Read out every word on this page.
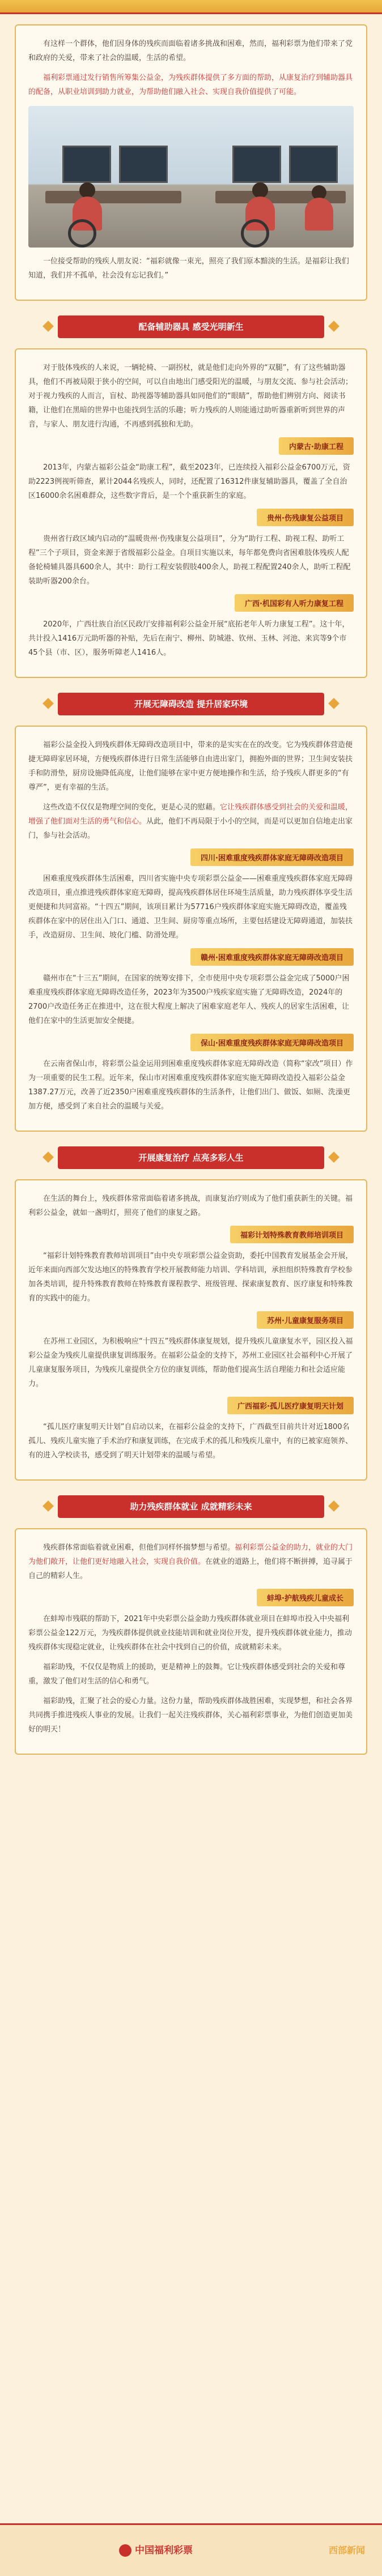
有这样一个群体，他们因身体的残疾而面临着诸多挑战和困难，然而，福利彩票为他们带来了党和政府的关爱，带来了社会的温暖，生活的希望。

福利彩票通过发行销售所筹集公益金，为残疾群体提供了多方面的帮助，从康复治疗到辅助器具的配备，从职业培训到助力就业，为帮助他们融入社会、实现自我价值提供了可能。

一位接受帮助的残疾人朋友说：“福彩就像一束光，照亮了我们原本黯淡的生活。是福彩让我们知道，我们并不孤单，社会没有忘记我们。”

配备辅助器具 感受光明新生

对于肢体残疾的人来说，一辆轮椅、一副拐杖，就是他们走向外界的“双腿”，有了这些辅助器具，他们不再被局限于狭小的空间，可以自由地出门感受阳光的温暖，与朋友交流、参与社会活动；对于视力残疾的人而言，盲杖、助视器等辅助器具如同他们的“眼睛”，帮助他们辨别方向、阅读书籍，让他们在黑暗的世界中也能找到生活的乐趣；听力残疾的人则能通过助听器重新听到世界的声音，与家人、朋友进行沟通，不再感到孤独和无助。

内蒙古·助康工程

2013年，内蒙古福彩公益金“助康工程”，截至2023年，已连续投入福彩公益金6700万元，资助2223例视听筛查，累计2044名残疾人，同时，还配置了16312件康复辅助器具，覆盖了全自治区16000余名困难群众，这些数字背后，是一个个重获新生的家庭。

贵州·伤残康复公益项目

贵州省行政区域内启动的“温暖贵州·伤残康复公益项目”，分为“助行工程、助视工程、助听工程”三个子项目，资金来源于省级福彩公益金。自项目实施以来，每年都免费向省困难肢体残疾人配备轮椅辅具器具600余人，其中：助行工程安装假肢400余人，助视工程配置240余人，助听工程配装助听器200余台。

广西·机国彩有人听力康复工程

2020年，广西壮族自治区民政厅安排福利彩公益金开展“底拓老年人听力康复工程”。这十年，共计投入1416万元助听器的补贴，先后在南宁、柳州、防城港、钦州、玉林、河池、来宾等9个市45个县（市、区），服务听障老人1416人。

开展无障碍改造 提升居家环境

福彩公益金投入到残疾群体无障碍改造项目中，带来的是实实在在的改变。它为残疾群体营造便捷无障碍家居环境，方便残疾群体进行日常生活能够自由进出家门，拥抱外面的世界；卫生间安装扶手和防滑垫，厨房设施降低高度，让他们能够在家中更方便地操作和生活，给予残疾人群更多的“有尊严”，更有幸福的生活。

这些改造不仅仅是物理空间的变化，更是心灵的慰藉。它让残疾群体感受到社会的关爱和温暖，增强了他们面对生活的勇气和信心。从此，他们不再局限于小小的空间，而是可以更加自信地走出家门，参与社会活动。

四川·困难重度残疾群体家庭无障碍改造项目

困难重度残疾群体生活困难，四川省实施中央专项彩票公益金——困难重度残疾群体家庭无障碍改造项目，重点推进残疾群体家庭无障碍，提高残疾群体居住环境生活质量，助力残疾群体享受生活更便捷和共同富裕。“十四五”期间，该项目累计为57716户残疾群体家庭实施无障碍改造，覆盖残疾群体在家中的居住出入门口、通道、卫生间、厨房等重点场所，主要包括建设无障碍通道，加装扶手，改造厨房、卫生间、坡化门槛、防滑处理。

赣州·困难重度残疾群体家庭无障碍改造项目

赣州市在“十三五”期间，在国家的统筹安排下，全市使用中央专项彩票公益金完成了5000户困难重度残疾群体家庭无障碍改造任务，2023年为3500户残疾家庭实施了无障碍改造，2024年的2700户改造任务正在推进中，这在很大程度上解决了困难家庭老年人、残疾人的居家生活困难，让他们在家中的生活更加安全便捷。

保山·困难重度残疾群体家庭无障碍改造项目

在云南省保山市，将彩票公益金运用到困难重度残疾群体家庭无障碍改造（简称“家改”项目）作为一项重要的民生工程。近年来，保山市对困难重度残疾群体家庭实施无障碍改造投入福彩公益金1387.27万元，改善了近2350户困难重度残疾群体的生活条件，让他们出门、做饭、如厕、洗澡更加方便，感受到了来自社会的温暖与关爱。

开展康复治疗 点亮多彩人生

在生活的舞台上，残疾群体常常面临着诸多挑战，而康复治疗则成为了他们重获新生的关键。福利彩公益金，就如一盏明灯，照亮了他们的康复之路。

福彩计划特殊教育教师培训项目

“福彩计划特殊教育教师培训项目”由中央专项彩票公益金资助，委托中国教育发展基金会开展，近年来面向西部欠发达地区的特殊教育学校开展教师能力培训、学科培训，承担组织特殊教育学校参加各类培训，提升特殊教育教师在特殊教育课程教学、班级管理、探索康复教育、医疗康复和特殊教育的实践中的能力。

苏州·儿童康复服务项目

在苏州工业园区，为积极响应“十四五”残疾群体康复规划，提升残疾儿童康复水平，园区投入福彩公益金为残疾儿童提供康复训练服务。在福彩公益金的支持下，苏州工业园区社会福利中心开展了儿童康复服务项目，为残疾儿童提供全方位的康复训练，帮助他们提高生活自理能力和社会适应能力。

广西福彩·孤儿医疗康复明天计划

“孤儿医疗康复明天计划”自启动以来，在福彩公益金的支持下，广西截至目前共计对近1800名孤儿、残疾儿童实施了手术治疗和康复训练，在完成手术的孤儿和残疾儿童中，有的已被家庭领养、有的进入学校读书，感受到了明天计划带来的温暖与希望。

助力残疾群体就业 成就精彩未来

残疾群体常面临着就业困难，但他们同样怀揣梦想与希望。福利彩票公益金的助力，就业的大门为他们敞开，让他们更好地融入社会，实现自我价值。在就业的道路上，他们将不断拼搏，追寻属于自己的精彩人生。

蚌埠·护航残疾儿童成长

在蚌埠市残联的帮助下，2021年中央彩票公益金助力残疾群体就业项目在蚌埠市投入中央福利彩票公益金122万元，为残疾群体提供就业技能培训和就业岗位开发，提升残疾群体就业能力，推动残疾群体实现稳定就业，让残疾群体在社会中找到自己的价值，成就精彩未来。

福彩助残，不仅仅是物质上的援助，更是精神上的鼓舞。它让残疾群体感受到社会的关爱和尊重，激发了他们对生活的信心和勇气。

福彩助残，汇聚了社会的爱心力量。这份力量，帮助残疾群体战胜困难，实现梦想，和社会各界共同携手推进残疾人事业的发展。让我们一起关注残疾群体，关心福利彩票事业，为他们创造更加美好的明天！

中国福利彩票	西部新闻
